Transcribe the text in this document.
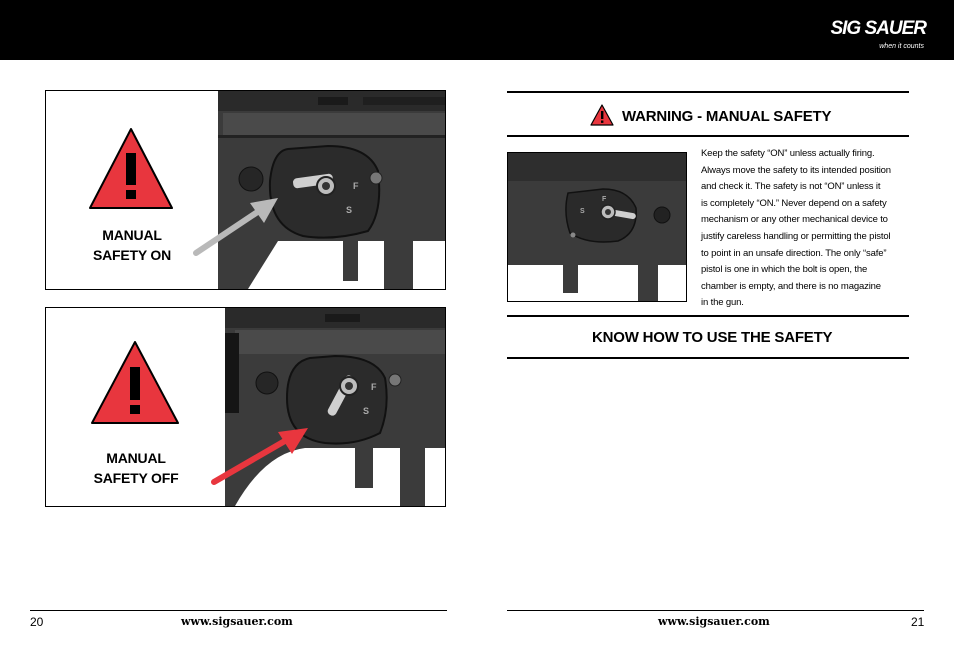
SIG SAUER
when it counts
MANUAL
SAFETY ON
F
S
MANUAL
SAFETY OFF
F
S
WARNING - MANUAL SAFETY
S
F
Keep the safety “ON” unless actually firing.
Always move the safety to its intended position
and check it. The safety is not “ON” unless it
is completely “ON.” Never depend on a safety
mechanism or any other mechanical device to
justify careless handling or permitting the pistol
to point in an unsafe direction. The only “safe”
pistol is one in which the bolt is open, the
chamber is empty, and there is no magazine
in the gun.
KNOW HOW TO USE THE SAFETY
20	www.sigsauer.com	www.sigsauer.com	21
